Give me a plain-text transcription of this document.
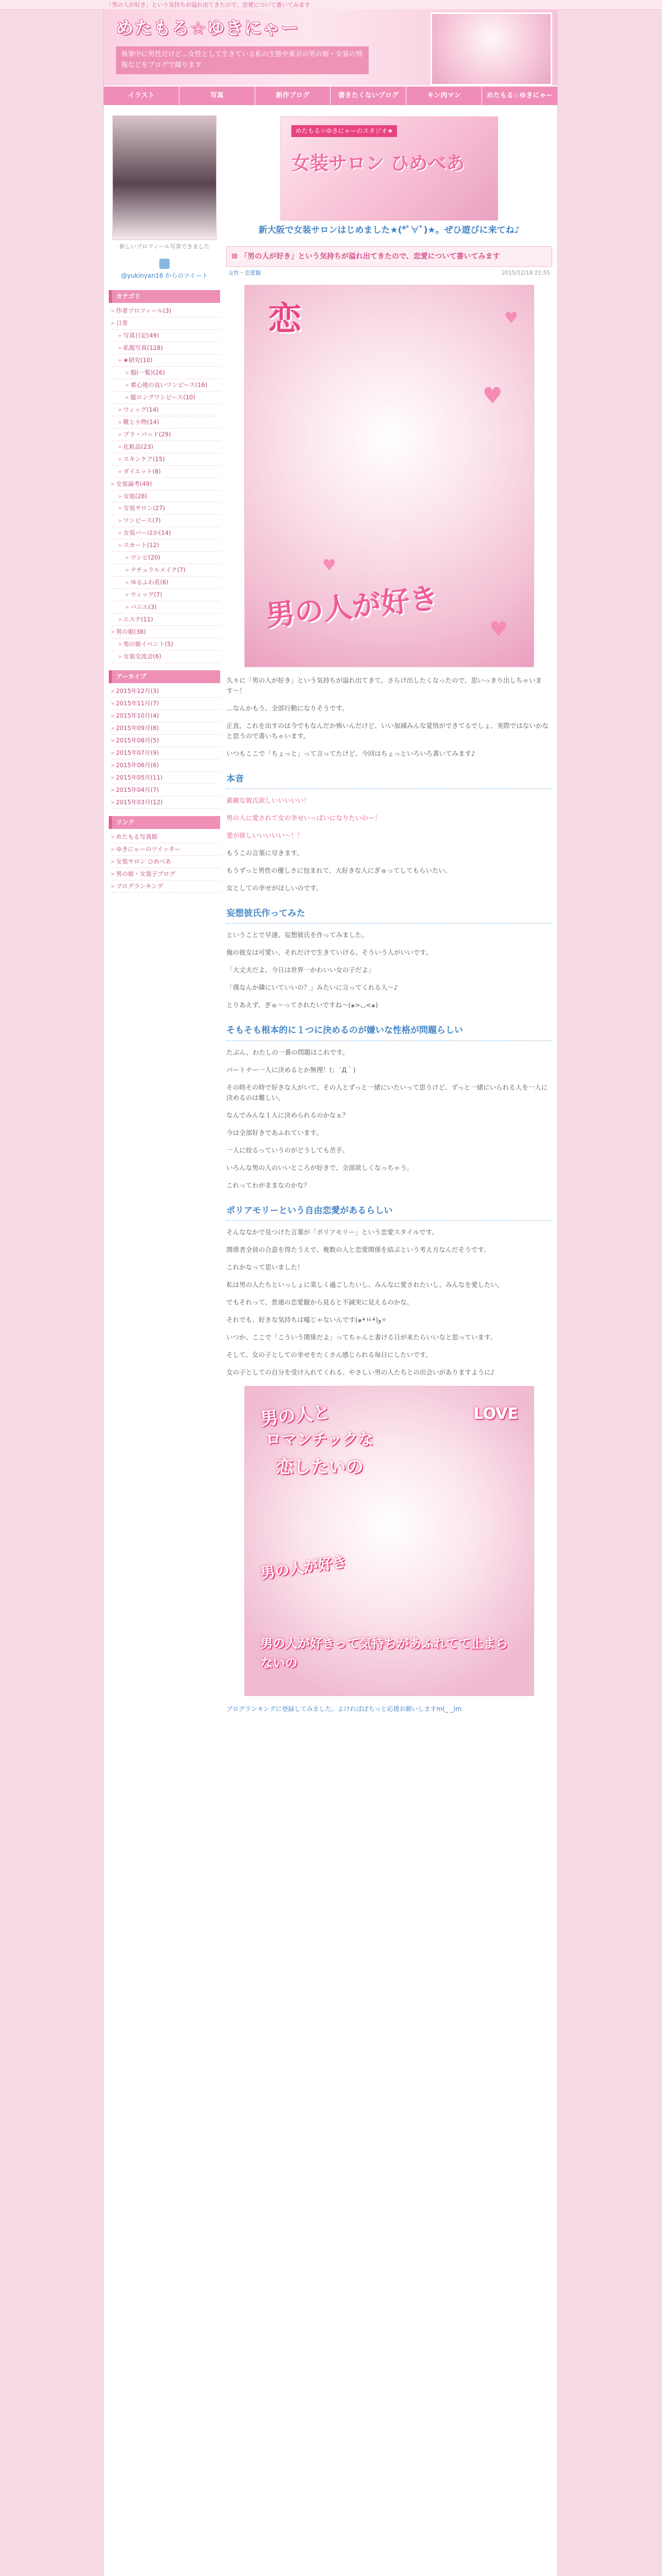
「男の人が好き」という気持ちが溢れ出てきたので、恋愛について書いてみます
めたもる☆ゆきにゃー
執筆中に男性だけど…女性として生きている私の生態や東京の男の娘・女装の情報などをブログで綴ります
イラスト	写真	新作ブログ	書きたくないブログ	キン肉マン	めたもる☆ゆきにゃー
新しいプロフィール写真できました
@yukinyan16 からのツイート
カテゴリ
» 作者プロフィール(3)
» 日常
» 写真日記(49)
» 私服写真(128)
» ★研究(10)
» 服(一覧)(26)
» 着心地の良いワンピース(16)
» 縦ロングワンピース(10)
» ウィッグ(14)
» 靴と小物(14)
» ブラ・パッド(29)
» 化粧品(23)
» スキンケア(15)
» ダイエット(8)
» 女装論考(49)
» 女装(28)
» 女装サロン(27)
» ワンピース(7)
» 女装バーほか(14)
» スカート(12)
» ワンピ(20)
» ナチュラルメイク(7)
» ゆるふわ系(6)
» ウィッグ(7)
» パニエ(3)
» エステ(11)
» 男の娘(38)
» 男の娘イベント(5)
» 女装交流会(6)
アーカイブ
» 2015年12月(3)
» 2015年11月(7)
» 2015年10月(4)
» 2015年09月(8)
» 2015年08月(5)
» 2015年07月(9)
» 2015年06月(6)
» 2015年05月(11)
» 2015年04月(7)
» 2015年03月(12)
リンク
» めたもる写真館
» ゆきにゃーのツイッター
» 女装サロン ひめべあ
» 男の娘・女装子ブログ
» ブログランキング
めたもる☆ゆきにゃーのスタジオ★
女装サロン ひめべあ
新大阪で女装サロンはじめました★(*ﾟ∀ﾟ)★。ぜひ遊びに来てね♪
「男の人が好き」という気持ちが溢れ出てきたので、恋愛について書いてみます
女性・恋愛観	2015/12/18 21:55
恋
男の人が好き
♥
♥
♥
♥

久々に「男の人が好き」という気持ちが溢れ出てきて、さらけ出したくなったので、思いっきり出しちゃいます〜！

…なんかもう、全部行動になりそうです。

正直、これを出すのは今でもなんだか怖いんだけど、いい加減みんな覚悟ができてるでしょ、実際ではないかなと思うので書いちゃいます。

いつもここで「ちょっと」って言ってたけど、今回はちょっといろいろ書いてみます♪

本音

素敵な彼氏欲しいいいいい！

男の人に愛されて女の幸せいっぱいになりたいのー！

愛が欲しいいいいい〜！！

もうこの言葉に尽きます。

もうずっと男性の優しさに包まれて、大好きな人にぎゅってしてもらいたい。

女としての幸せがほしいのです。

妄想彼氏作ってみた

ということで早速、妄想彼氏を作ってみました。

俺の彼女は可愛い、それだけで生きていける。そういう人がいいです。

「大丈夫だよ、今日は世界一かわいい女の子だよ」

「僕なんか隣にいていいの？」みたいに言ってくれる人〜♪

とりあえず、ぎゅ〜ってされたいですね〜(๑>◡<๑)

そもそも根本的に１つに決めるのが嫌いな性格が問題らしい

たぶん、わたしの一番の問題はこれです。

パートナー一人に決めるとか無理！(；´Д｀)

その時その時で好きな人がいて、その人とずっと一緒にいたいって思うけど、ずっと一緒にいられる人を一人に決めるのは難しい。

なんでみんな１人に決められるのかなぁ？

今は全部好きであふれています。

一人に絞るっていうのがどうしても苦手。

いろんな男の人のいいところが好きで、全部欲しくなっちゃう。

これってわがままなのかな？

ポリアモリーという自由恋愛があるらしい

そんななかで見つけた言葉が「ポリアモリー」という恋愛スタイルです。

関係者全員の合意を得たうえで、複数の人と恋愛関係を結ぶという考え方なんだそうです。

これかなって思いました！

私は男の人たちといっしょに楽しく過ごしたいし、みんなに愛されたいし、みんなを愛したい。

でもそれって、普通の恋愛観から見ると不誠実に見えるのかな。

それでも、好きな気持ちは嘘じゃないんです(๑•̀ㅂ•́)و✧

いつか、ここで「こういう関係だよ」ってちゃんと書ける日が来たらいいなと思っています。

そして、女の子としての幸せをたくさん感じられる毎日にしたいです。

女の子としての自分を受け入れてくれる、やさしい男の人たちとの出会いがありますように♪

男の人と
ロマンチックな
恋したいの
LOVE
男の人が好き
男の人が好きって気持ちがあふれてて止まらないの
ブログランキングに登録してみました。よければぽちっと応援お願いしますm(_ _)m
